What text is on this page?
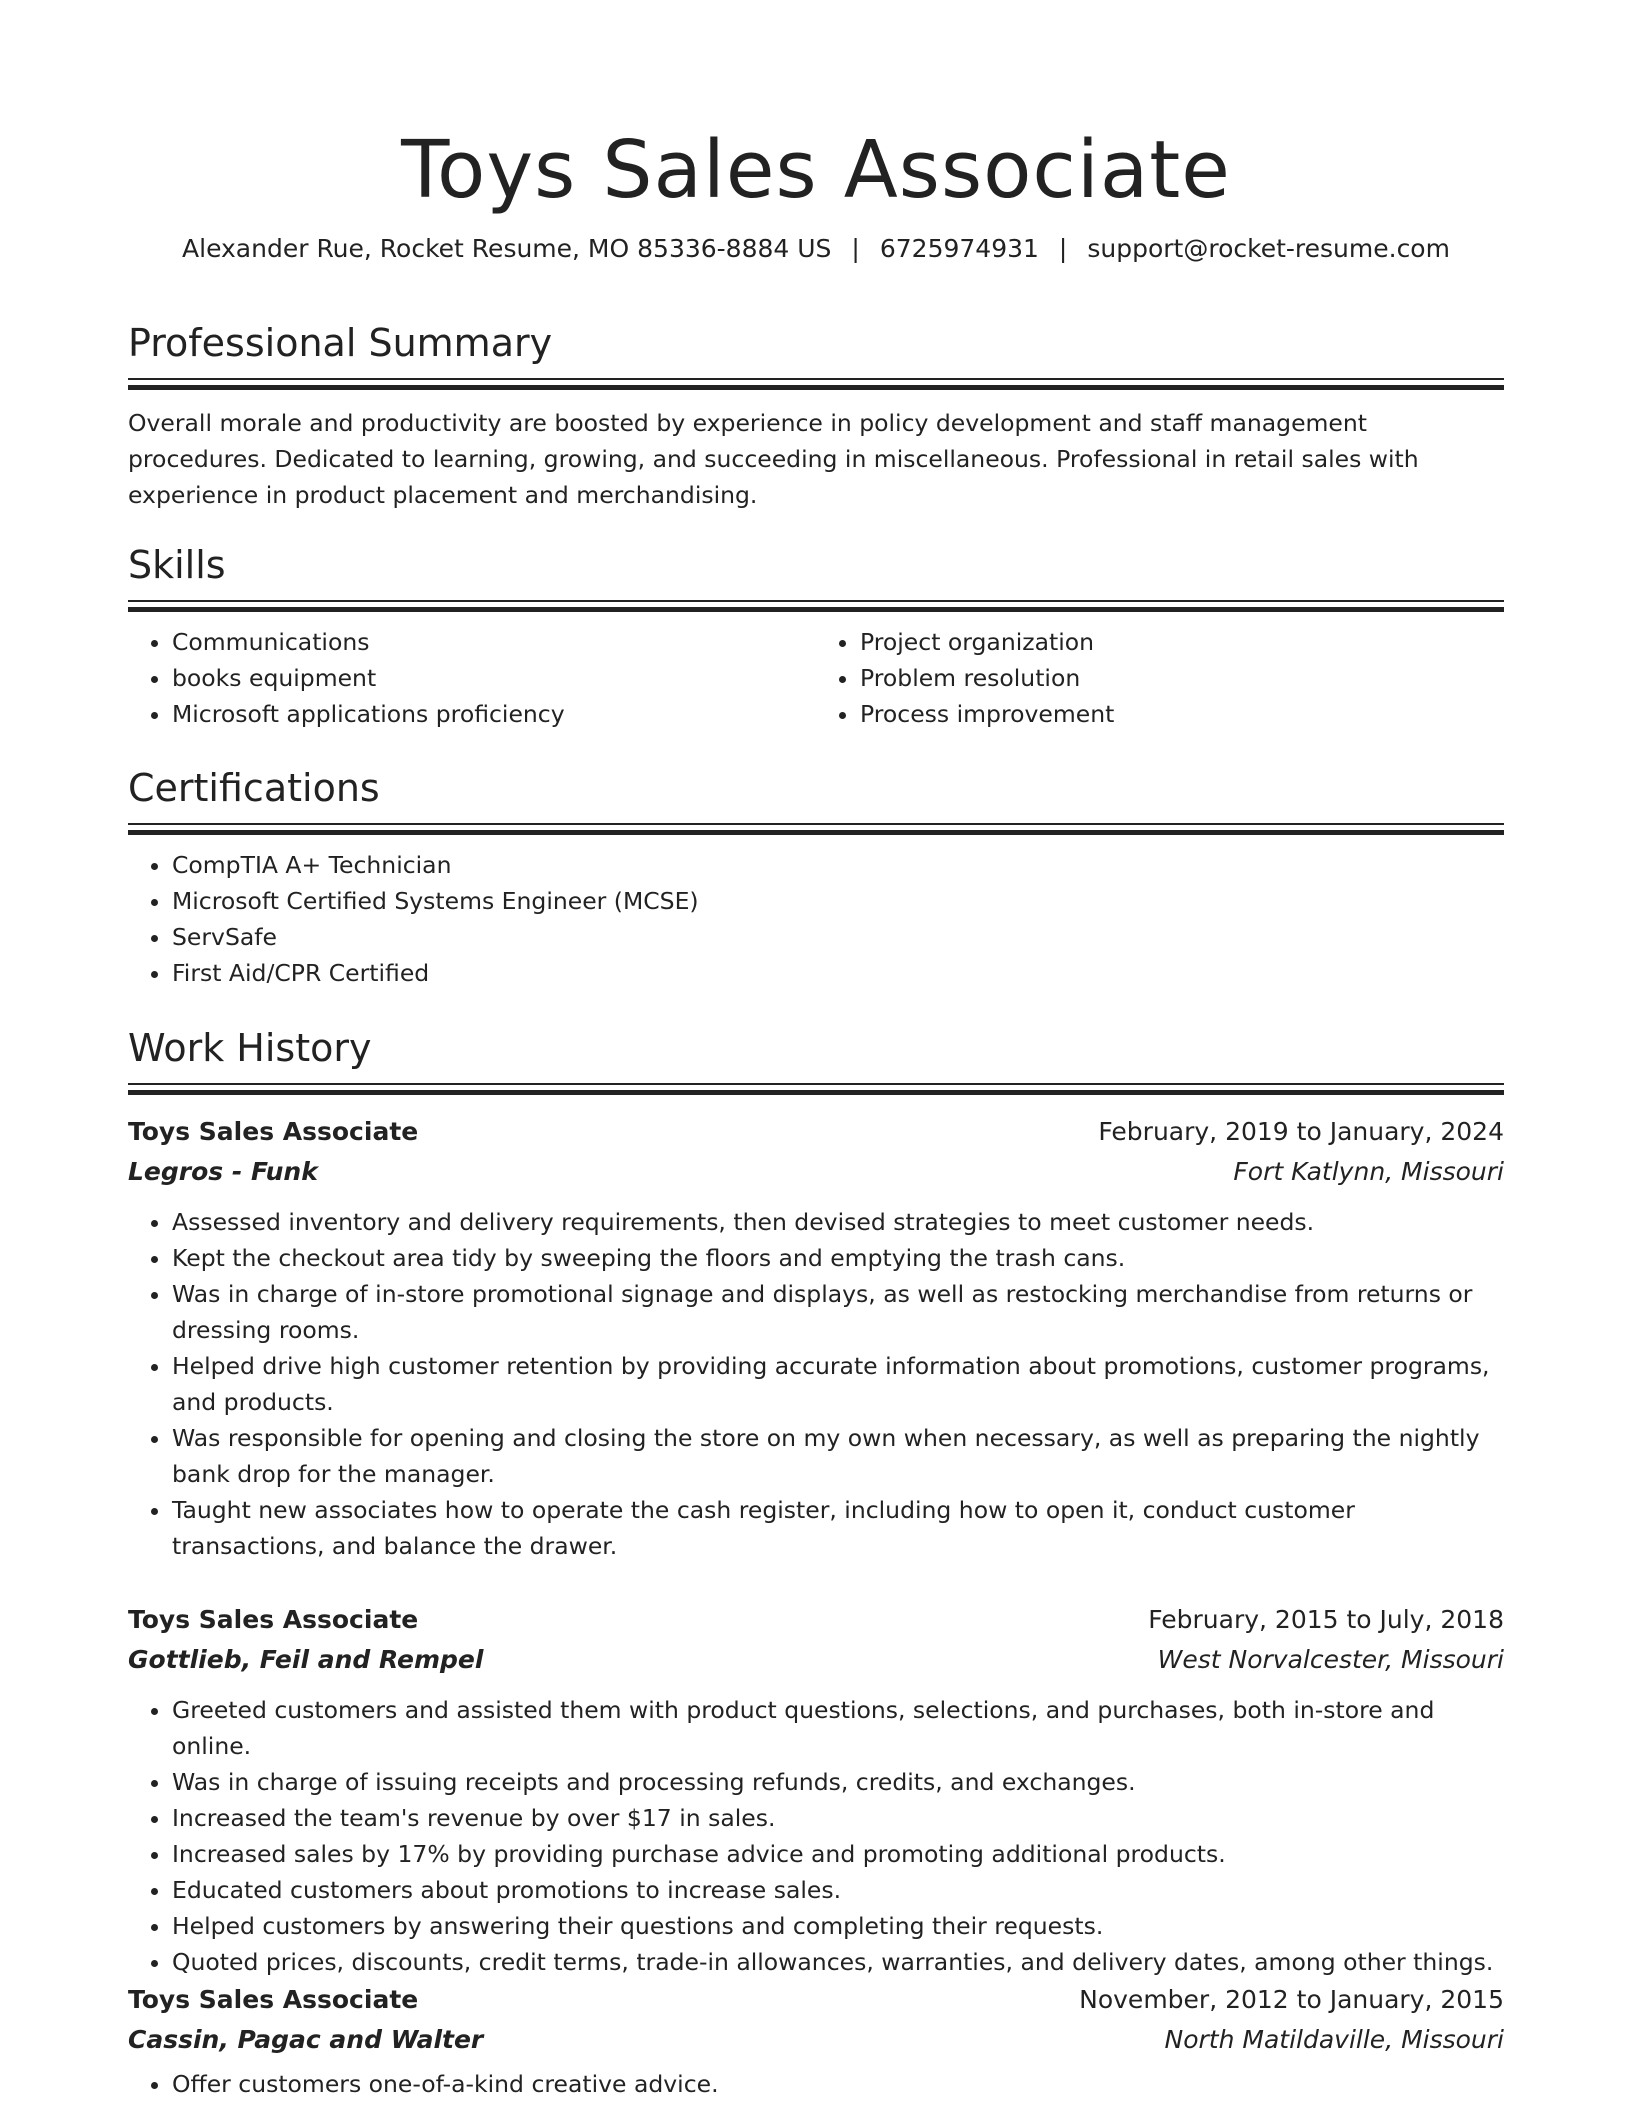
Toys Sales Associate
Alexander Rue, Rocket Resume, MO 85336-8884 US | 6725974931 | support@rocket-resume.com
Professional Summary
Overall morale and productivity are boosted by experience in policy development and staff management procedures. Dedicated to learning, growing, and succeeding in miscellaneous. Professional in retail sales with experience in product placement and merchandising.
Skills
• Communications
• books equipment
• Microsoft applications proficiency
• Project organization
• Problem resolution
• Process improvement
Certifications
• CompTIA A+ Technician
• Microsoft Certified Systems Engineer (MCSE)
• ServSafe
• First Aid/CPR Certified
Work History
Toys Sales Associate	February, 2019 to January, 2024
Legros - Funk	Fort Katlynn, Missouri
• Assessed inventory and delivery requirements, then devised strategies to meet customer needs.
• Kept the checkout area tidy by sweeping the floors and emptying the trash cans.
• Was in charge of in-store promotional signage and displays, as well as restocking merchandise from returns or dressing rooms.
• Helped drive high customer retention by providing accurate information about promotions, customer programs, and products.
• Was responsible for opening and closing the store on my own when necessary, as well as preparing the nightly bank drop for the manager.
• Taught new associates how to operate the cash register, including how to open it, conduct customer transactions, and balance the drawer.
Toys Sales Associate	February, 2015 to July, 2018
Gottlieb, Feil and Rempel	West Norvalcester, Missouri
• Greeted customers and assisted them with product questions, selections, and purchases, both in-store and online.
• Was in charge of issuing receipts and processing refunds, credits, and exchanges.
• Increased the team's revenue by over $17 in sales.
• Increased sales by 17% by providing purchase advice and promoting additional products.
• Educated customers about promotions to increase sales.
• Helped customers by answering their questions and completing their requests.
• Quoted prices, discounts, credit terms, trade-in allowances, warranties, and delivery dates, among other things.
Toys Sales Associate	November, 2012 to January, 2015
Cassin, Pagac and Walter	North Matildaville, Missouri
• Offer customers one-of-a-kind creative advice.
